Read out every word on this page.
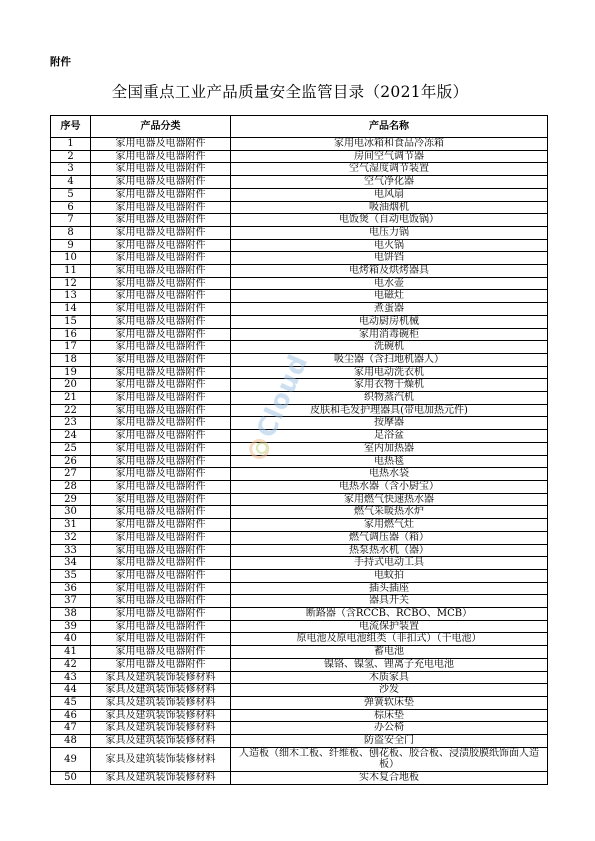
附件
全国重点工业产品质量安全监管目录（2021年版）
序号	产品分类	产品名称
1	家用电器及电器附件	家用电冰箱和食品冷冻箱
2	家用电器及电器附件	房间空气调节器
3	家用电器及电器附件	空气湿度调节装置
4	家用电器及电器附件	空气净化器
5	家用电器及电器附件	电风扇
6	家用电器及电器附件	吸油烟机
7	家用电器及电器附件	电饭煲（自动电饭锅）
8	家用电器及电器附件	电压力锅
9	家用电器及电器附件	电火锅
10	家用电器及电器附件	电饼铛
11	家用电器及电器附件	电烤箱及烘烤器具
12	家用电器及电器附件	电水壶
13	家用电器及电器附件	电磁灶
14	家用电器及电器附件	煮蛋器
15	家用电器及电器附件	电动厨房机械
16	家用电器及电器附件	家用消毒碗柜
17	家用电器及电器附件	洗碗机
18	家用电器及电器附件	吸尘器（含扫地机器人）
19	家用电器及电器附件	家用电动洗衣机
20	家用电器及电器附件	家用衣物干燥机
21	家用电器及电器附件	织物蒸汽机
22	家用电器及电器附件	皮肤和毛发护理器具(带电加热元件)
23	家用电器及电器附件	按摩器
24	家用电器及电器附件	足浴盆
25	家用电器及电器附件	室内加热器
26	家用电器及电器附件	电热毯
27	家用电器及电器附件	电热水袋
28	家用电器及电器附件	电热水器（含小厨宝）
29	家用电器及电器附件	家用燃气快速热水器
30	家用电器及电器附件	燃气采暖热水炉
31	家用电器及电器附件	家用燃气灶
32	家用电器及电器附件	燃气调压器（箱）
33	家用电器及电器附件	热泵热水机（器）
34	家用电器及电器附件	手持式电动工具
35	家用电器及电器附件	电蚊拍
36	家用电器及电器附件	插头插座
37	家用电器及电器附件	器具开关
38	家用电器及电器附件	断路器（含RCCB、RCBO、MCB）
39	家用电器及电器附件	电流保护装置
40	家用电器及电器附件	原电池及原电池组类（非扣式）（干电池）
41	家用电器及电器附件	蓄电池
42	家用电器及电器附件	镍铬、镍氢、锂离子充电电池
43	家具及建筑装饰装修材料	木质家具
44	家具及建筑装饰装修材料	沙发
45	家具及建筑装饰装修材料	弹簧软床垫
46	家具及建筑装饰装修材料	棕床垫
47	家具及建筑装饰装修材料	办公椅
48	家具及建筑装饰装修材料	防盗安全门
49	家具及建筑装饰装修材料	人造板（细木工板、纤维板、刨花板、胶合板、浸渍胶膜纸饰面人造板）
50	家具及建筑装饰装修材料	实木复合地板
Cloud
